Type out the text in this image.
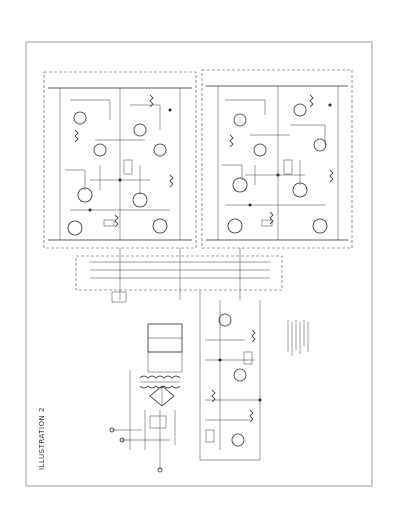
ILLUSTRATION 2
